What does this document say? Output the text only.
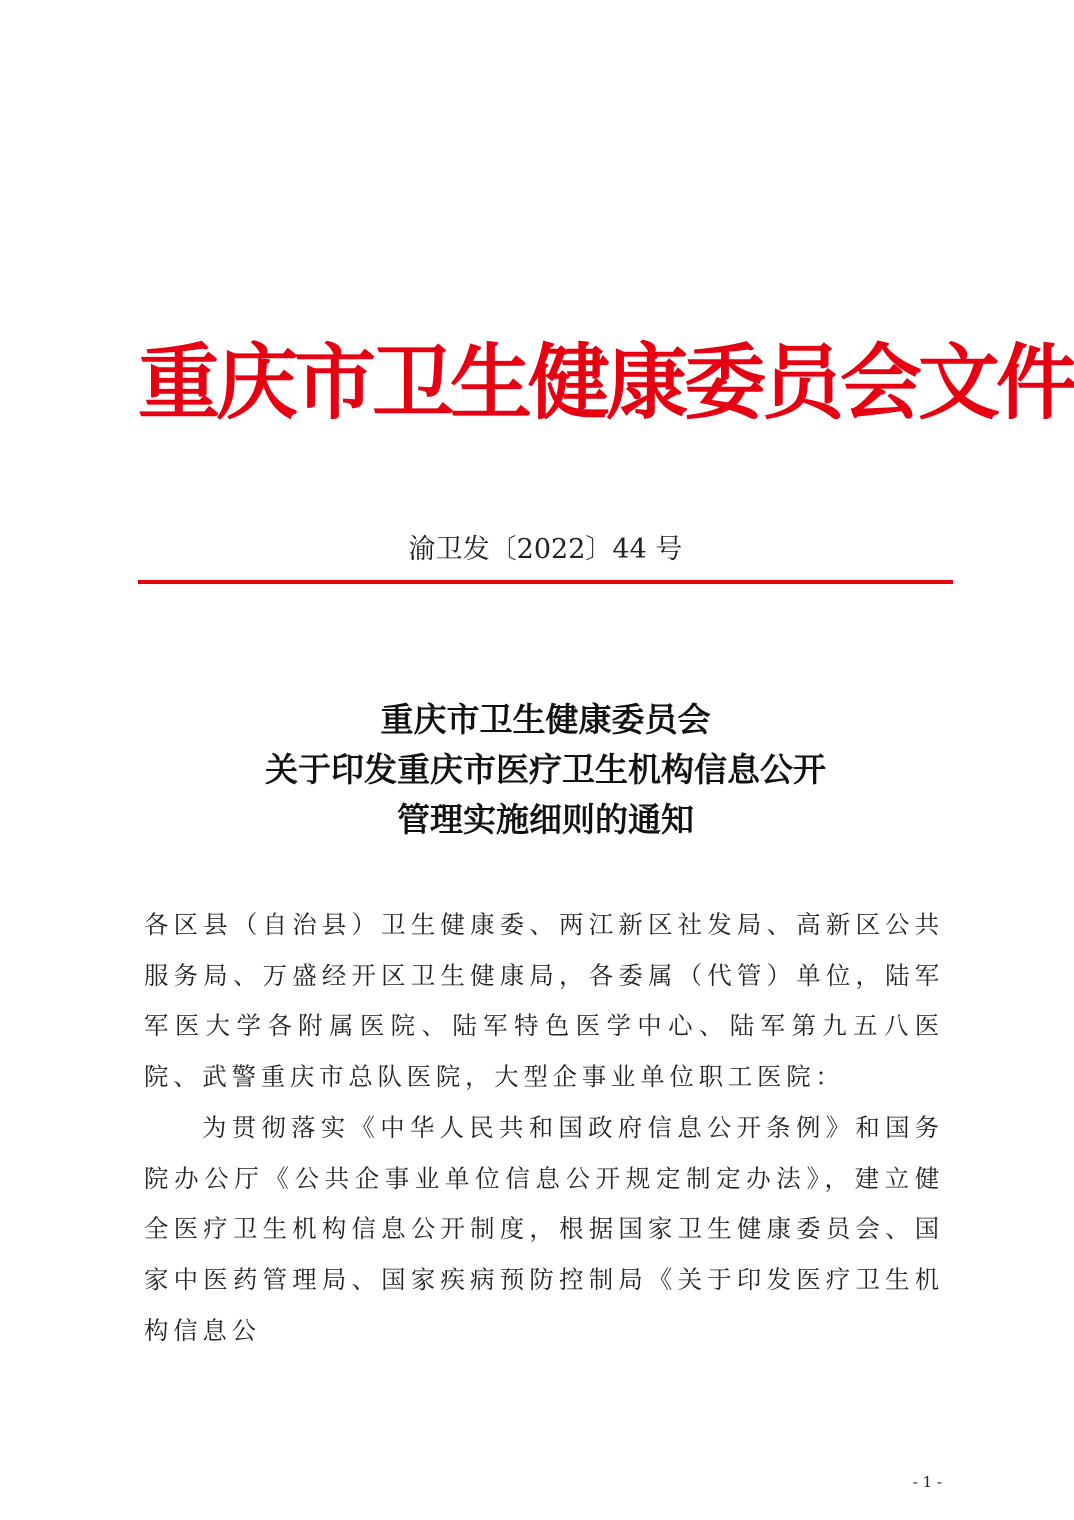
重庆市卫生健康委员会文件
渝卫发〔2022〕44 号
重庆市卫生健康委员会
关于印发重庆市医疗卫生机构信息公开
管理实施细则的通知

各区县（自治县）卫生健康委、两江新区社发局、高新区公共服务局、万盛经开区卫生健康局，各委属（代管）单位，陆军军医大学各附属医院、陆军特色医学中心、陆军第九五八医院、武警重庆市总队医院，大型企事业单位职工医院：

为贯彻落实《中华人民共和国政府信息公开条例》和国务院办公厅《公共企事业单位信息公开规定制定办法》，建立健全医疗卫生机构信息公开制度，根据国家卫生健康委员会、国家中医药管理局、国家疾病预防控制局《关于印发医疗卫生机构信息公

- 1 -
